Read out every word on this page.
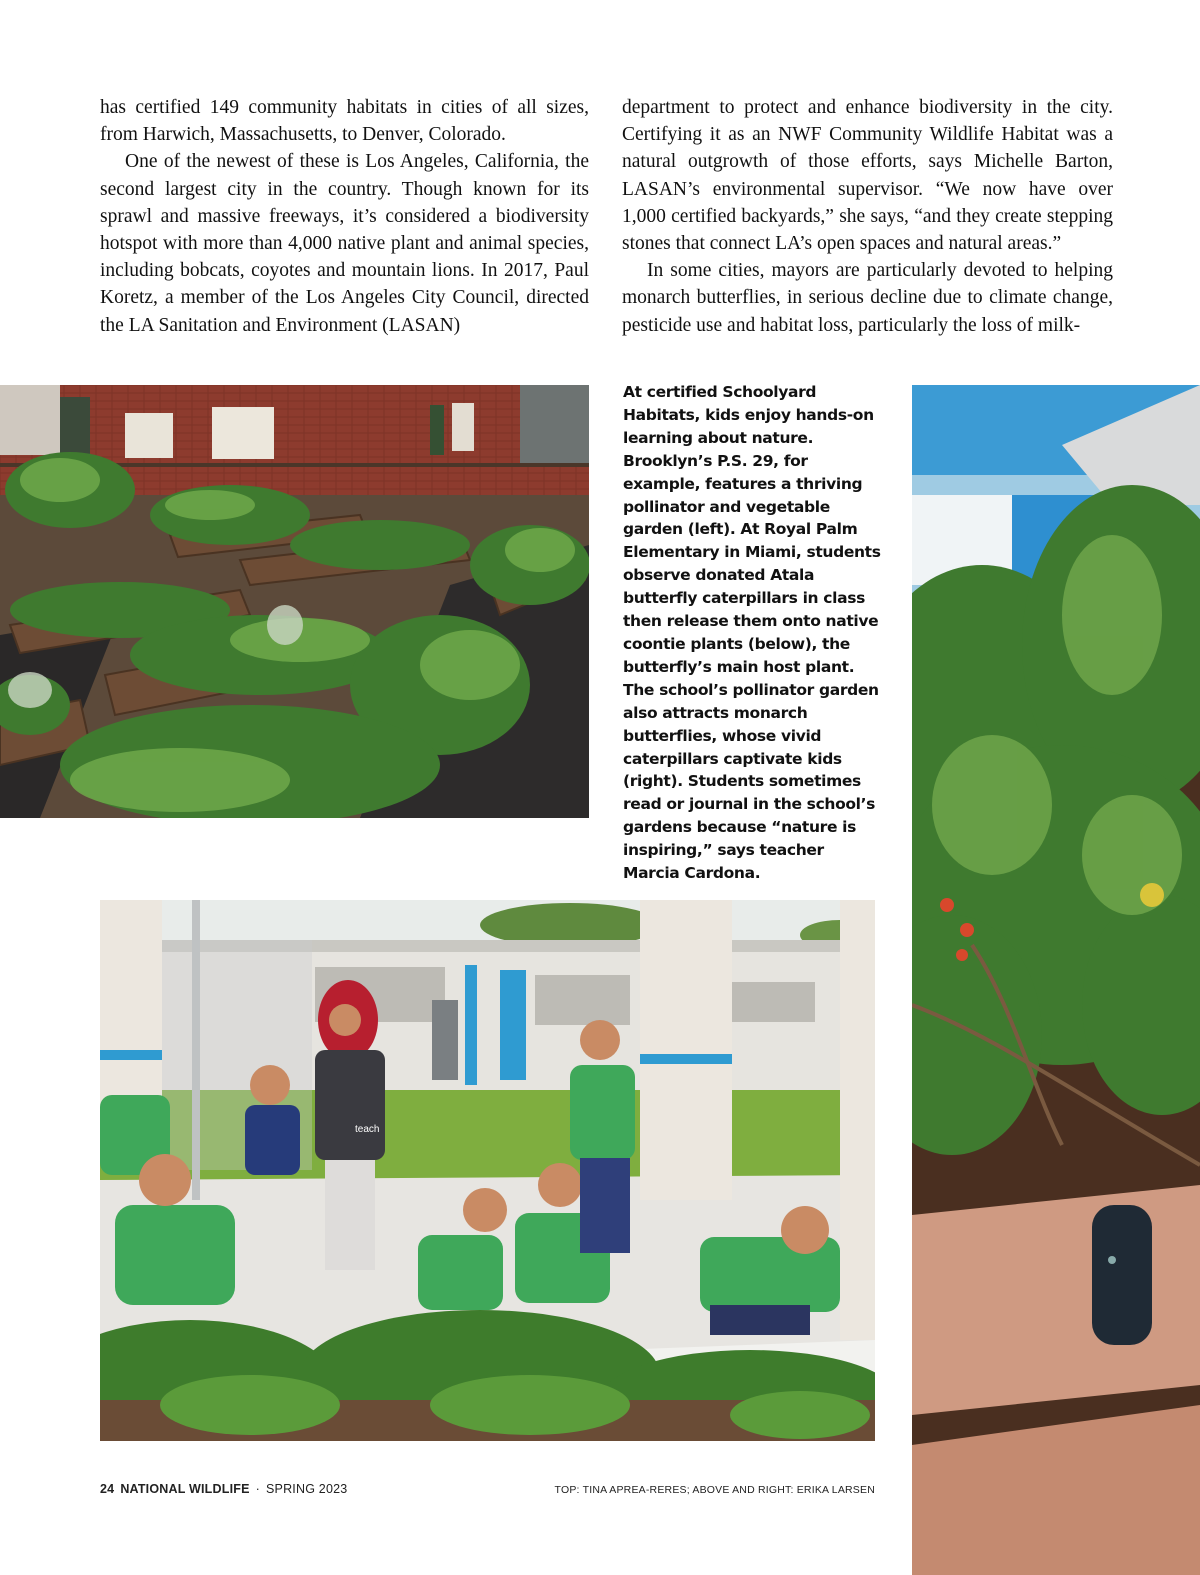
has certified 149 community habitats in cities of all sizes, from Harwich, Massachusetts, to Denver, Colorado.

One of the newest of these is Los Angeles, California, the second largest city in the country. Though known for its sprawl and massive freeways, it’s considered a biodiversity hotspot with more than 4,000 native plant and animal species, including bobcats, coyotes and mountain lions. In 2017, Paul Koretz, a member of the Los Angeles City Council, directed the LA Sanitation and Environment (LASAN)

department to protect and enhance biodiversity in the city. Certifying it as an NWF Community Wildlife Habitat was a natural outgrowth of those efforts, says Michelle Barton, LASAN’s environmental supervisor. “We now have over 1,000 certified backyards,” she says, “and they create stepping stones that connect LA’s open spaces and natural areas.”

In some cities, mayors are particularly devoted to helping monarch butterflies, in serious decline due to climate change, pesticide use and habitat loss, particularly the loss of milk-

At certified Schoolyard Habitats, kids enjoy hands-on learning about nature. Brooklyn’s P.S. 29, for example, features a thriving pollinator and vegetable garden (left). At Royal Palm Elementary in Miami, students observe donated Atala butterfly caterpillars in class then release them onto native coontie plants (below), the butterfly’s main host plant. The school’s pollinator garden also attracts monarch butterflies, whose vivid caterpillars captivate kids (right). Students sometimes read or journal in the school’s gardens because “nature is inspiring,” says teacher Marcia Cardona.

teach
24 NATIONAL WILDLIFE · SPRING 2023	TOP: TINA APREA-RERES; ABOVE AND RIGHT: ERIKA LARSEN
